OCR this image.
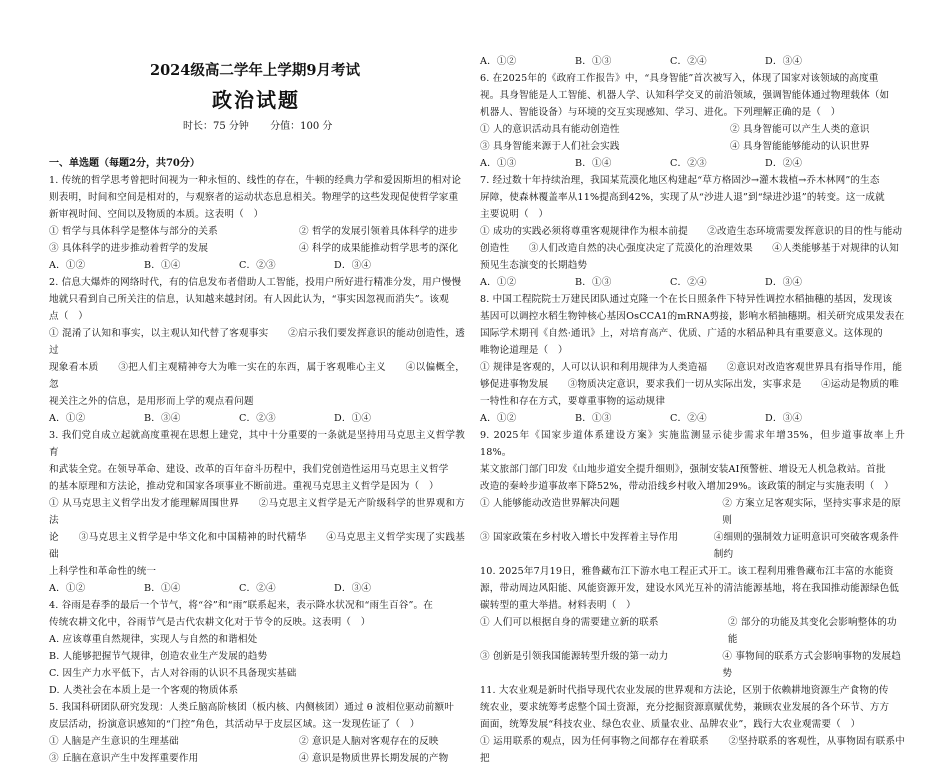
2024级高二学年上学期9月考试
政治试题
时长：75 分钟 分值：100 分
一、单选题（每题2分，共70分）

1. 传统的哲学思考曾把时间视为一种永恒的、线性的存在，牛顿的经典力学和爱因斯坦的相对论

则表明，时间和空间是相对的，与观察者的运动状态息息相关。物理学的这些发现促使哲学家重

新审视时间、空间以及物质的本质。这表明（　）

① 哲学与具体科学是整体与部分的关系	② 哲学的发展引领着具体科学的进步
③ 具体科学的进步推动着哲学的发展	④ 科学的成果能推动哲学思考的深化
A．①②	B．①④	C．②③	D．③④

2. 信息大爆炸的网络时代，有的信息发布者借助人工智能，投用户所好进行精准分发，用户慢慢

地就只看到自己所关注的信息，认知越来越封闭。有人因此认为，“事实因忽视而消失”。该观

点（　）

① 混淆了认知和事实，以主观认知代替了客观事实　　②启示我们要发挥意识的能动创造性，透过

现象看本质　　③把人们主观精神夸大为唯一实在的东西，属于客观唯心主义　　④以偏概全，忽

视关注之外的信息，是用形而上学的观点看问题

A．①②	B．③④	C．②③	D．①④

3. 我们党自成立起就高度重视在思想上建党，其中十分重要的一条就是坚持用马克思主义哲学教育

和武装全党。在领导革命、建设、改革的百年奋斗历程中，我们党创造性运用马克思主义哲学

的基本原理和方法论，推动党和国家各项事业不断前进。重视马克思主义哲学是因为（　）

① 从马克思主义哲学出发才能理解周围世界　　②马克思主义哲学是无产阶级科学的世界观和方法

论　　③马克思主义哲学是中华文化和中国精神的时代精华　　④马克思主义哲学实现了实践基础

上科学性和革命性的统一

A．①②	B．①④	C．②④	D．③④

4. 谷雨是春季的最后一个节气，将“谷”和“雨”联系起来，表示降水状况和“雨生百谷”。在

传统农耕文化中，谷雨节气是古代农耕文化对于节令的反映。这表明（　）

A. 应该尊重自然规律，实现人与自然的和谐相处

B. 人能够把握节气规律，创造农业生产发展的趋势

C. 因生产力水平低下，古人对谷雨的认识不具备现实基础

D. 人类社会在本质上是一个客观的物质体系

5. 我国科研团队研究发现：人类丘脑高阶核团（板内核、内侧核团）通过 θ 波相位驱动前额叶

皮层活动，扮演意识感知的“门控”角色，其活动早于皮层区域。这一发现佐证了（　）

① 人脑是产生意识的生理基础	② 意识是人脑对客观存在的反映
③ 丘脑在意识产生中发挥重要作用	④ 意识是物质世界长期发展的产物
A．①②	B．①③	C．②④	D．③④

6. 在2025年的《政府工作报告》中，“具身智能”首次被写入，体现了国家对该领域的高度重

视。具身智能是人工智能、机器人学、认知科学交叉的前沿领域，强调智能体通过物理载体（如

机器人、智能设备）与环境的交互实现感知、学习、进化。下列理解正确的是（　）

① 人的意识活动具有能动创造性	② 具身智能可以产生人类的意识
③ 具身智能来源于人们社会实践	④ 具身智能能够能动的认识世界
A．①③	B．①④	C．②③	D．②④

7. 经过数十年持续治理，我国某荒漠化地区构建起“草方格固沙→灌木栽植→乔木林网”的生态

屏障，使森林覆盖率从11%提高到42%，实现了从“沙进人退”到“绿进沙退”的转变。这一成就

主要说明（　）

① 成功的实践必须将尊重客观规律作为根本前提　　②改造生态环境需要发挥意识的目的性与能动

创造性　　③人们改造自然的决心强度决定了荒漠化的治理效果　　④人类能够基于对规律的认知

预见生态演变的长期趋势

A．①②	B．①③	C．②④	D．③④

8. 中国工程院院士万建民团队通过克隆一个在长日照条件下特异性调控水稻抽穗的基因，发现该

基因可以调控水稻生物钟核心基因OsCCA1的mRNA剪接，影响水稻抽穗期。相关研究成果发表在

国际学术期刊《自然·通讯》上，对培育高产、优质、广适的水稻品种具有重要意义。这体现的

唯物论道理是（　）

① 规律是客观的，人可以认识和利用规律为人类造福　　②意识对改造客观世界具有指导作用，能

够促进事物发展　　③物质决定意识，要求我们一切从实际出发，实事求是　　④运动是物质的唯

一特性和存在方式，要尊重事物的运动规律

A．①②	B．①③	C．②④	D．③④

9. 2025年《国家步道体系建设方案》实施监测显示徒步需求年增35%，但步道事故率上升 18%。

某文旅部门部门印发《山地步道安全提升细则》，强制安装AI预警桩、增设无人机急救站。首批

改造的秦岭步道事故率下降52%，带动沿线乡村收入增加29%。该政策的制定与实施表明（　）

① 人能够能动改造世界解决问题	② 方案立足客观实际，坚持实事求是的原则
③ 国家政策在乡村收入增长中发挥着主导作用	④细则的强制效力证明意识可突破客观条件制约

10. 2025年7月19日，雅鲁藏布江下游水电工程正式开工。该工程利用雅鲁藏布江丰富的水能资

源，带动周边风阳能、风能资源开发，建设水风光互补的清洁能源基地，将在我国推动能源绿色低

碳转型的重大举措。材料表明（　）

① 人们可以根据自身的需要建立新的联系	② 部分的功能及其变化会影响整体的功能
③ 创新是引领我国能源转型升级的第一动力	④ 事物间的联系方式会影响事物的发展趋势

11. 大农业观是新时代指导现代农业发展的世界观和方法论，区别于依赖耕地资源生产食物的传

统农业，要求统筹考虑整个国土资源，充分挖掘资源禀赋优势，兼顾农业发展的各个环节、方方

面面，统筹发展“科技农业、绿色农业、质量农业、品牌农业”，践行大农业观需要（　）

① 运用联系的观点，因为任何事物之间都存在着联系　　②坚持联系的客观性，从事物固有联系中把
